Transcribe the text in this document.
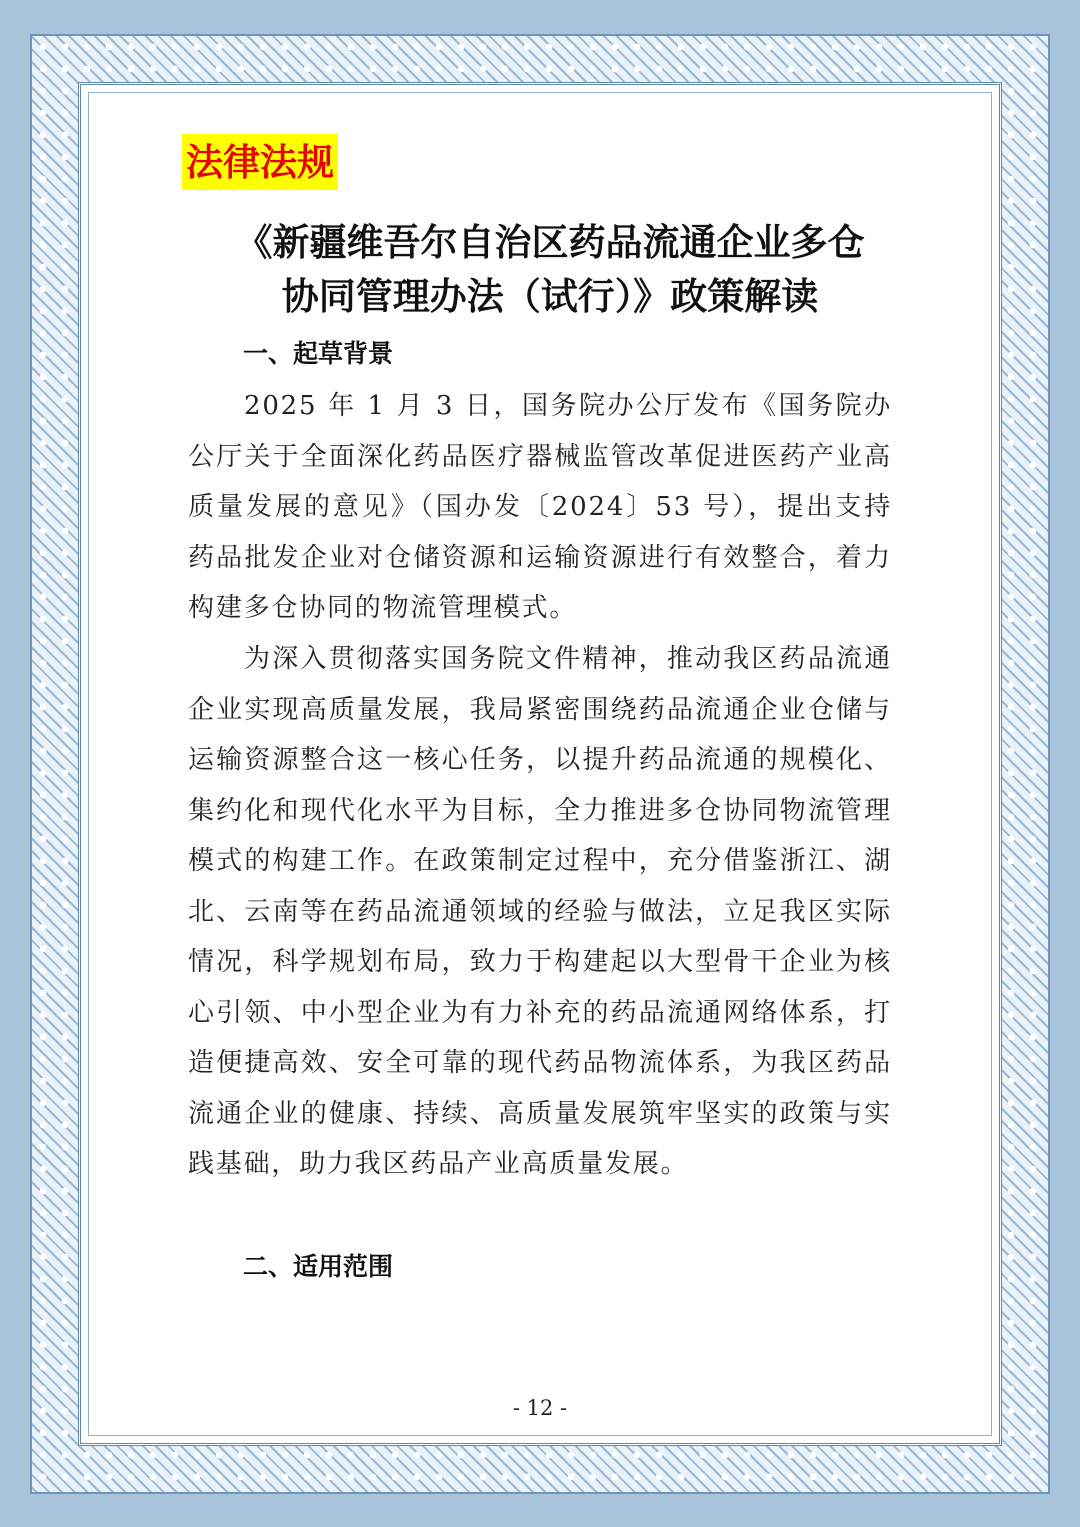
法律法规
《新疆维吾尔自治区药品流通企业多仓
协同管理办法（试行）》政策解读
一、起草背景

2025 年 1 月 3 日，国务院办公厅发布《国务院办公厅关于全面深化药品医疗器械监管改革促进医药产业高质量发展的意见》（国办发〔2024〕53 号），提出支持药品批发企业对仓储资源和运输资源进行有效整合，着力构建多仓协同的物流管理模式。

为深入贯彻落实国务院文件精神，推动我区药品流通企业实现高质量发展，我局紧密围绕药品流通企业仓储与运输资源整合这一核心任务，以提升药品流通的规模化、集约化和现代化水平为目标，全力推进多仓协同物流管理模式的构建工作。在政策制定过程中，充分借鉴浙江、湖北、云南等在药品流通领域的经验与做法，立足我区实际情况，科学规划布局，致力于构建起以大型骨干企业为核心引领、中小型企业为有力补充的药品流通网络体系，打造便捷高效、安全可靠的现代药品物流体系，为我区药品流通企业的健康、持续、高质量发展筑牢坚实的政策与实践基础，助力我区药品产业高质量发展。

二、适用范围
- 12 -
